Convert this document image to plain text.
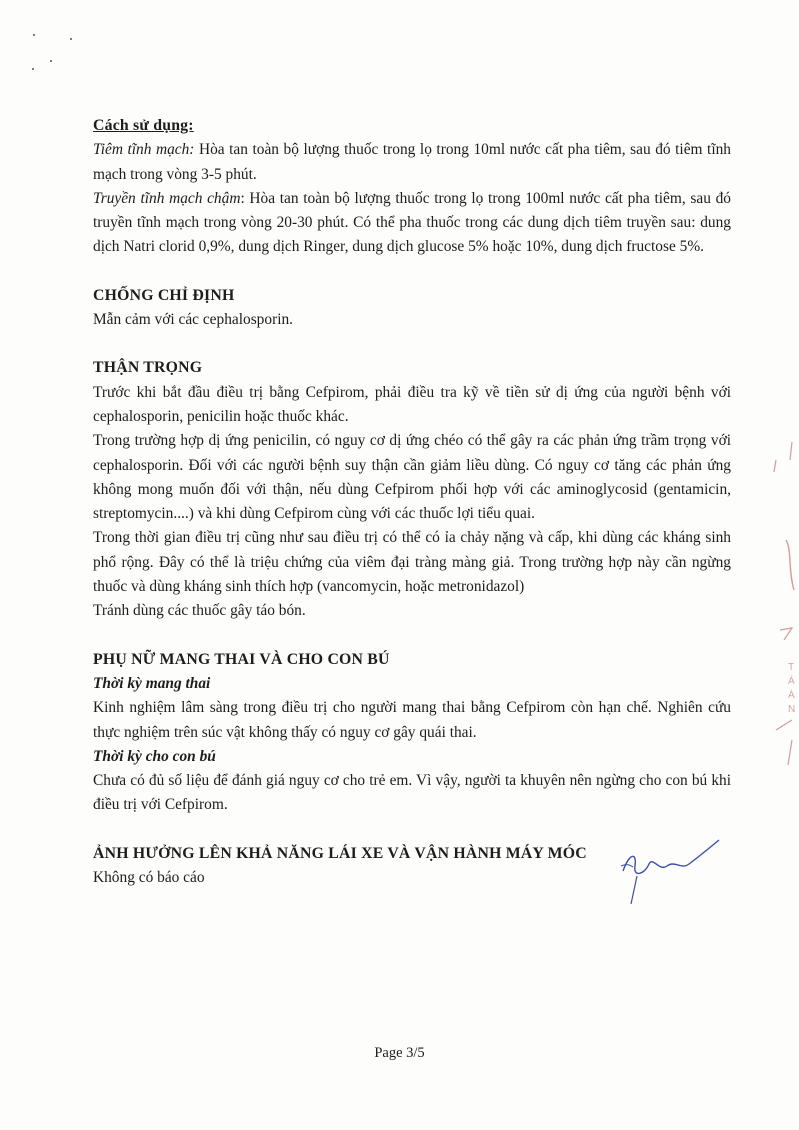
Cách sử dụng:

Tiêm tĩnh mạch: Hòa tan toàn bộ lượng thuốc trong lọ trong 10ml nước cất pha tiêm, sau đó tiêm tĩnh mạch trong vòng 3-5 phút.

Truyền tĩnh mạch chậm: Hòa tan toàn bộ lượng thuốc trong lọ trong 100ml nước cất pha tiêm, sau đó truyền tĩnh mạch trong vòng 20-30 phút. Có thể pha thuốc trong các dung dịch tiêm truyền sau: dung dịch Natri clorid 0,9%, dung dịch Ringer, dung dịch glucose 5% hoặc 10%, dung dịch fructose 5%.

CHỐNG CHỈ ĐỊNH

Mẫn cảm với các cephalosporin.

THẬN TRỌNG

Trước khi bắt đầu điều trị bằng Cefpirom, phải điều tra kỹ về tiền sử dị ứng của người bệnh với cephalosporin, penicilin hoặc thuốc khác.

Trong trường hợp dị ứng penicilin, có nguy cơ dị ứng chéo có thể gây ra các phản ứng trầm trọng với cephalosporin. Đối với các người bệnh suy thận cần giảm liều dùng. Có nguy cơ tăng các phản ứng không mong muốn đối với thận, nếu dùng Cefpirom phối hợp với các aminoglycosid (gentamicin, streptomycin....) và khi dùng Cefpirom cùng với các thuốc lợi tiểu quai.

Trong thời gian điều trị cũng như sau điều trị có thể có ỉa chảy nặng và cấp, khi dùng các kháng sinh phổ rộng. Đây có thể là triệu chứng của viêm đại tràng màng giả. Trong trường hợp này cần ngừng thuốc và dùng kháng sinh thích hợp (vancomycin, hoặc metronidazol)

Tránh dùng các thuốc gây táo bón.

PHỤ NỮ MANG THAI VÀ CHO CON BÚ

Thời kỳ mang thai

Kinh nghiệm lâm sàng trong điều trị cho người mang thai bằng Cefpirom còn hạn chế. Nghiên cứu thực nghiệm trên súc vật không thấy có nguy cơ gây quái thai.

Thời kỳ cho con bú

Chưa có đủ số liệu để đánh giá nguy cơ cho trẻ em. Vì vậy, người ta khuyên nên ngừng cho con bú khi điều trị với Cefpirom.

ẢNH HƯỞNG LÊN KHẢ NĂNG LÁI XE VÀ VẬN HÀNH MÁY MÓC

Không có báo cáo

T
Á
À
N
Page 3/5
